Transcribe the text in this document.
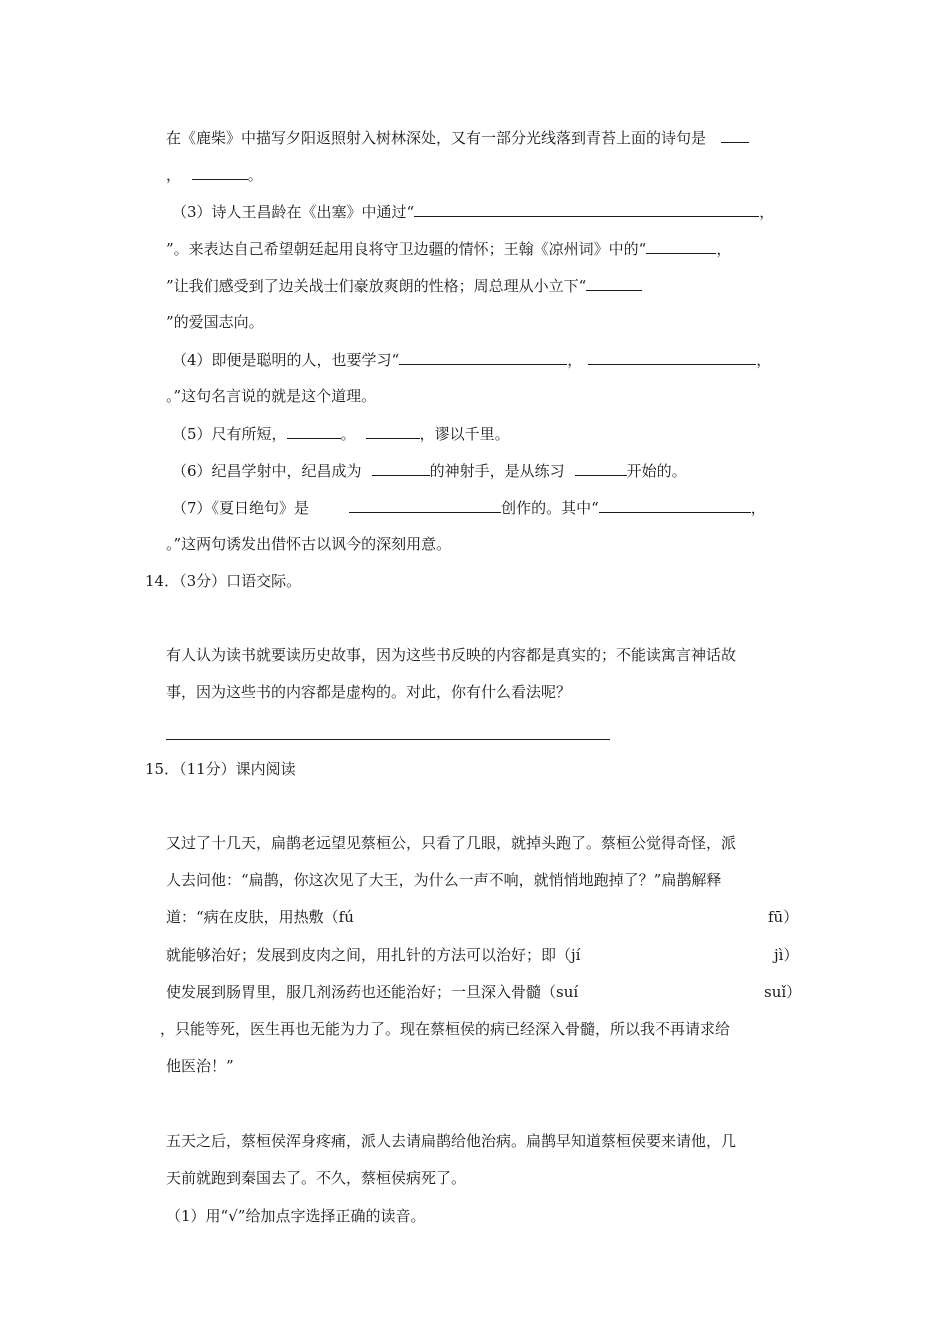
在《鹿柴》中描写夕阳返照射入树林深处，又有一部分光线落到青苔上面的诗句是
，	。
（3）诗人王昌龄在《出塞》中通过“	，
”。来表达自己希望朝廷起用良将守卫边疆的情怀；王翰《凉州词》中的“	，
”让我们感受到了边关战士们豪放爽朗的性格；周总理从小立下“
”的爱国志向。
（4）即便是聪明的人，也要学习“	，	，
。”这句名言说的就是这个道理。
（5）尺有所短，	。	，谬以千里。
（6）纪昌学射中，纪昌成为	的神射手，是从练习	开始的。
（7）《夏日绝句》是	创作的。其中“	，
。”这两句诱发出借怀古以讽今的深刻用意。
14．（3分）口语交际。
有人认为读书就要读历史故事，因为这些书反映的内容都是真实的；不能读寓言神话故
事，因为这些书的内容都是虚构的。对此，你有什么看法呢？
15．（11分）课内阅读
又过了十几天，扁鹊老远望见蔡桓公，只看了几眼，就掉头跑了。蔡桓公觉得奇怪，派
人去问他：“扁鹊，你这次见了大王，为什么一声不响，就悄悄地跑掉了？”扁鹊解释
道：“病在皮肤，用热敷（fú	fū）
就能够治好；发展到皮肉之间，用扎针的方法可以治好；即（jí	jì）
使发展到肠胃里，服几剂汤药也还能治好；一旦深入骨髓（suí	suǐ）
，只能等死，医生再也无能为力了。现在蔡桓侯的病已经深入骨髓，所以我不再请求给
他医治！”
五天之后，蔡桓侯浑身疼痛，派人去请扁鹊给他治病。扁鹊早知道蔡桓侯要来请他，几
天前就跑到秦国去了。不久，蔡桓侯病死了。
（1）用“√”给加点字选择正确的读音。
